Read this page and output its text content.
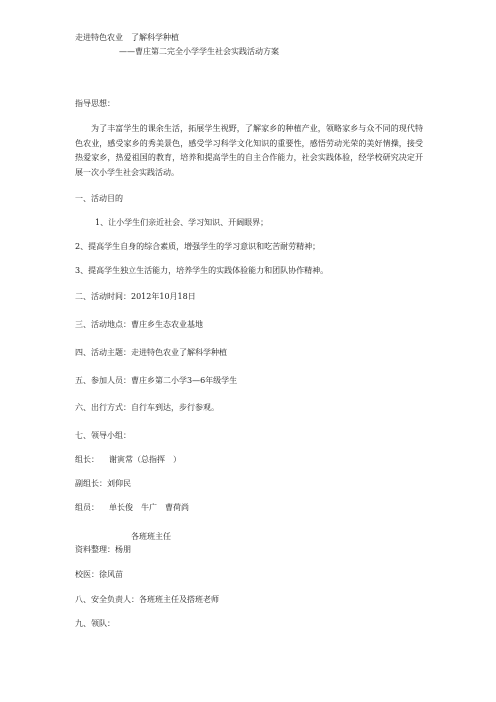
走进特色农业　了解科学种植
——曹庄第二完全小学学生社会实践活动方案
指导思想：
为了丰富学生的课余生活，拓展学生视野，了解家乡的种植产业，领略家乡与众不同的现代特色农业，感受家乡的秀美景色，感受学习科学文化知识的重要性，感悟劳动光荣的美好情操，接受热爱家乡，热爱祖国的教育，培养和提高学生的自主合作能力，社会实践体验，经学校研究决定开展一次小学生社会实践活动。
一、活动目的
1、让小学生们亲近社会、学习知识、开阔眼界；
2、提高学生自身的综合素质，增强学生的学习意识和吃苦耐劳精神；
3、提高学生独立生活能力，培养学生的实践体验能力和团队协作精神。
二、活动时间：2012年10月18日
三、活动地点：曹庄乡生态农业基地
四、活动主题：走进特色农业了解科学种植
五、参加人员：曹庄乡第二小学3—6年级学生
六、出行方式：自行车到达，步行参观。
七、领导小组：
组长： 谢寅常（总指挥　）
副组长：刘仰民
组员： 单长俊　牛广　曹荷尚
各班班主任
资料整理：杨朋
校医：徐风苗
八、安全负责人：各班班主任及搭班老师
九、领队：
